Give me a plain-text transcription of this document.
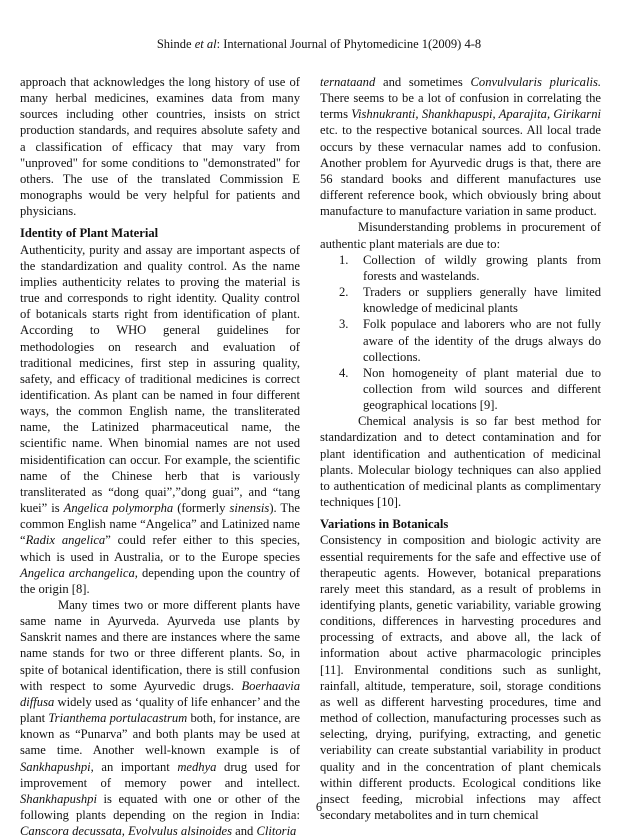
Shinde et al: International Journal of Phytomedicine 1(2009) 4-8

approach that acknowledges the long history of use of many herbal medicines, examines data from many sources including other countries, insists on strict production standards, and requires absolute safety and a classification of efficacy that may vary from "unproved" for some conditions to "demonstrated" for others. The use of the translated Commission E monographs would be very helpful for patients and physicians.

Identity of Plant Material

Authenticity, purity and assay are important aspects of the standardization and quality control. As the name implies authenticity relates to proving the material is true and corresponds to right identity. Quality control of botanicals starts right from identification of plant. According to WHO general guidelines for methodologies on research and evaluation of traditional medicines, first step in assuring quality, safety, and efficacy of traditional medicines is correct identification. As plant can be named in four different ways, the common English name, the transliterated name, the Latinized pharmaceutical name, the scientific name. When binomial names are not used misidentification can occur. For example, the scientific name of the Chinese herb that is variously transliterated as “dong quai”,”dong guai”, and “tang kuei” is Angelica polymorpha (formerly sinensis). The common English name “Angelica” and Latinized name “Radix angelica” could refer either to this species, which is used in Australia, or to the Europe species Angelica archangelica, depending upon the country of the origin [8].

Many times two or more different plants have same name in Ayurveda. Ayurveda use plants by Sanskrit names and there are instances where the same name stands for two or three different plants. So, in spite of botanical identification, there is still confusion with respect to some Ayurvedic drugs. Boerhaavia diffusa widely used as ‘quality of life enhancer’ and the plant Trianthema portulacastrum both, for instance, are known as “Punarva” and both plants may be used at same time. Another well-known example is of Sankhapushpi, an important medhya drug used for improvement of memory power and intellect. Shankhapushpi is equated with one or other of the following plants depending on the region in India: Canscora decussata, Evolvulus alsinoides and Clitoria

ternataand and sometimes Convulvularis pluricalis. There seems to be a lot of confusion in correlating the terms Vishnukranti, Shankhapuspi, Aparajita, Girikarni etc. to the respective botanical sources. All local trade occurs by these vernacular names add to confusion. Another problem for Ayurvedic drugs is that, there are 56 standard books and different manufactures use different reference book, which obviously bring about manufacture to manufacture variation in same product.

Misunderstanding problems in procurement of authentic plant materials are due to:

1. Collection of wildly growing plants from forests and wastelands.
2. Traders or suppliers generally have limited knowledge of medicinal plants
3. Folk populace and laborers who are not fully aware of the identity of the drugs always do collections.
4. Non homogeneity of plant material due to collection from wild sources and different geographical locations [9].

Chemical analysis is so far best method for standardization and to detect contamination and for plant identification and authentication of medicinal plants. Molecular biology techniques can also applied to authentication of medicinal plants as complimentary techniques [10].

Variations in Botanicals

Consistency in composition and biologic activity are essential requirements for the safe and effective use of therapeutic agents. However, botanical preparations rarely meet this standard, as a result of problems in identifying plants, genetic variability, variable growing conditions, differences in harvesting procedures and processing of extracts, and above all, the lack of information about active pharmacologic principles [11]. Environmental conditions such as sunlight, rainfall, altitude, temperature, soil, storage conditions as well as different harvesting procedures, time and method of collection, manufacturing processes such as selecting, drying, purifying, extracting, and genetic veriability can create substantial variability in product quality and in the concentration of plant chemicals within different products. Ecological conditions like insect feeding, microbial infections may affect secondary metabolites and in turn chemical

6
